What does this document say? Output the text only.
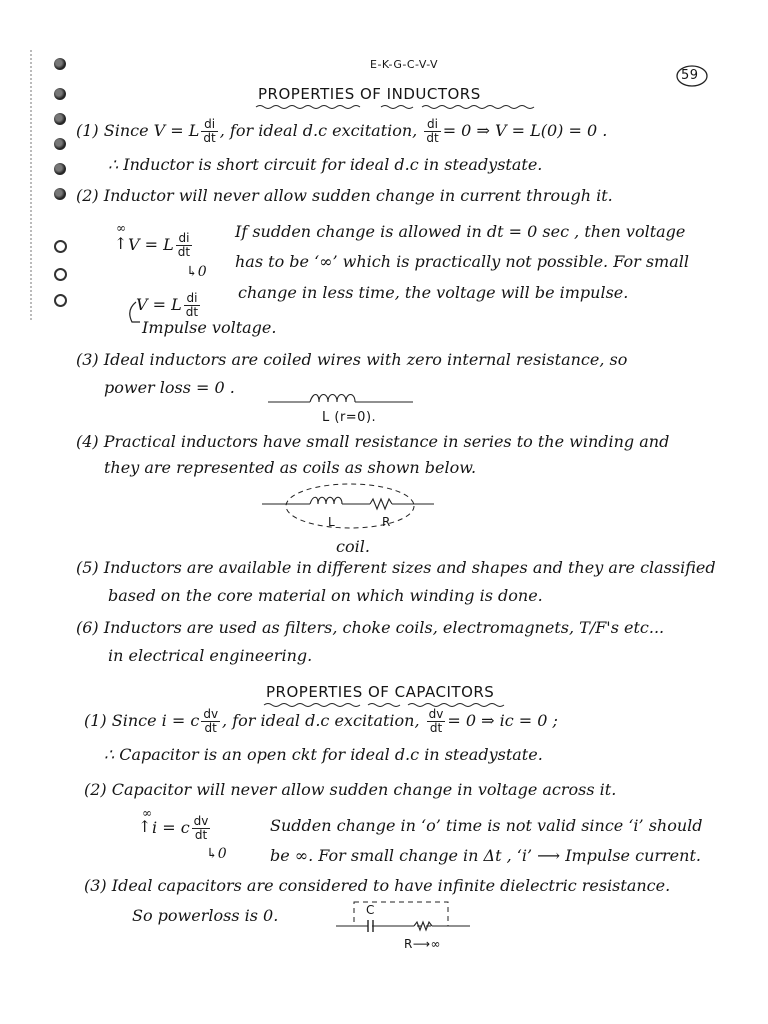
E-K-G-C-V-V
59
PROPERTIES OF INDUCTORS
(1) Since V = L $\frac{di}{dt}$ , for ideal d.c excitation, $\frac{di}{dt} = 0$ ⇒ V = L(0) = 0 .
∴ Inductor is short circuit for ideal d.c in steadystate.
(2) Inductor will never allow sudden change in current through it.
∞
↑ V = L $\frac{di}{dt}$
↳0
If sudden change is allowed in dt = 0 sec , then voltage
has to be ‘∞’ which is practically not possible. For small
change in less time, the voltage will be impulse.
V = L $\frac{di}{dt}$
Impulse voltage.
(3) Ideal inductors are coiled wires with zero internal resistance, so
power loss = 0 .
L (r=0).
(4) Practical inductors have small resistance in series to the winding and
they are represented as coils as shown below.
L	R
coil.
(5) Inductors are available in different sizes and shapes and they are classified
based on the core material on which winding is done.
(6) Inductors are used as filters, choke coils, electromagnets, T/F's etc...
in electrical engineering.
PROPERTIES OF CAPACITORS
(1) Since i = c $\frac{dv}{dt}$ , for ideal d.c excitation, $\frac{dv}{dt} = 0$ ⇒ ic = 0 ;
∴ Capacitor is an open ckt for ideal d.c in steadystate.
(2) Capacitor will never allow sudden change in voltage across it.
∞
↑ i = c $\frac{dv}{dt}$
↳0
Sudden change in ‘o’ time is not valid since ‘i’ should
be ∞. For small change in Δt , ‘i’ ⟶ Impulse current.
(3) Ideal capacitors are considered to have infinite dielectric resistance.
So powerloss is 0.	C
R⟶∞
